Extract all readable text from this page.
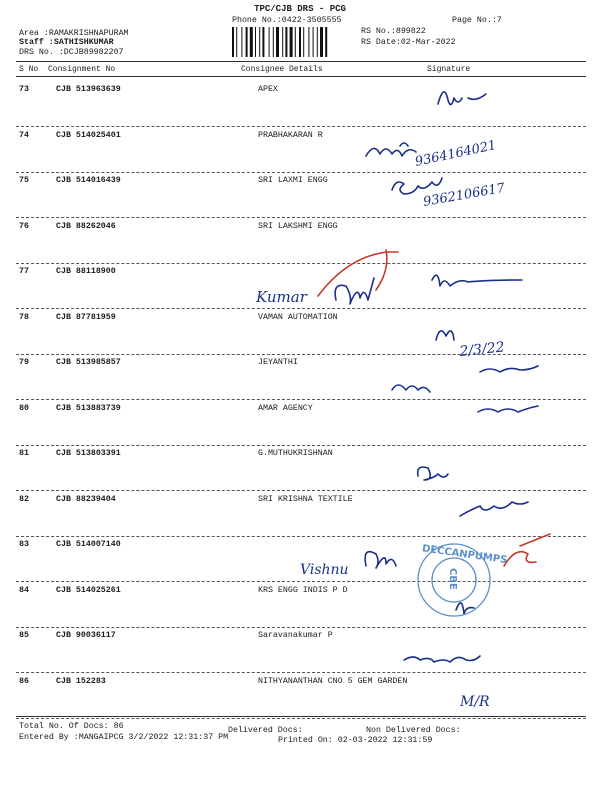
TPC/CJB DRS - PCG
Phone No.:0422-3505555	Page No.:7
Area :RAMAKRISHNAPURAM
Staff :SATHISHKUMAR
DRS No. :DCJB89982207
RS No.:899822
RS Date:02-Mar-2022
S No Consignment No	Consignee Details	Signature
73	CJB 513963639	APEX
74	CJB 514025401	PRABHAKARAN R
75	CJB 514016439	SRI LAXMI ENGG
76	CJB 88262046	SRI LAKSHMI ENGG
77	CJB 88118900
78	CJB 87781959	VAMAN AUTOMATION
79	CJB 513985857	JEYANTHI
80	CJB 513883739	AMAR AGENCY
81	CJB 513803391	G.MUTHUKRISHNAN
82	CJB 88239404	SRI KRISHNA TEXTILE
83	CJB 514007140
84	CJB 514025261	KRS ENGG INDIS P D
85	CJB 90036117	Saravanakumar P
86	CJB 152283	NITHYANANTHAN CNO 5 GEM GARDEN
Total No. Of Docs: 86	Delivered Docs:	Non Delivered Docs:
Entered By :MANGAIPCG 3/2/2022 12:31:37 PM	Printed On: 02-03-2022 12:31:59
9364164021
9362106617
Kumar
2/3/22
Vishnu
M/R
DECCANPUMPS
CBE
